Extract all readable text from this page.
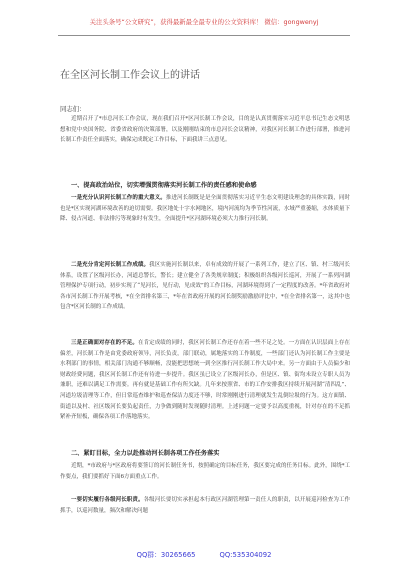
关注头条号“公文研究”，获得最新最全最专业的公文资料库！ 微信：gongwenyj
在全区河长制工作会议上的讲话
同志们：
近期召开了*市总河长工作会议，现在我们召开*区河长制工作会议，目的是认真贯彻落实习近平总书记生态文明思想和党中央国务院、省委省政府的决策部署，以及刚刚结束的市总河长会议精神，对我区河长制工作进行部署，推进河长制工作责任全面落实，确保完成既定工作目标，下面我讲三点意见。
一、提高政治站位，切实增强贯彻落实河长制工作的责任感和使命感
一是充分认识河长制工作的重大意义。推进河长制既是是全面贯彻落实习近平生态文明建设理念的具体实践，同时也是*区实现河湖环境改善的迫切需要。我区地处十字水网地区，境内河流均为季节性河流，水域严重萎缩，水体质量下降、侵占河道、非法排污等现象时有发生，全面提升*区河湖环境必须大力推行河长制。
二是充分肯定河长制工作成绩。我区实施河长制以来，卓有成效的开展了一系列工作，建立了区、镇、村三级河长体系，设置了区级河长办，河道总警长，警长；建立健全了各类规章制度；积极组织各级河长巡河，开展了一系列河湖管理保护专项行动，初步实现了“见河长，见行动，见成效”的工作目标，河湖环境得到了一定程度的改善。*年省政府对各市河长制工作开展考核，*在全省排名第三，*年在省政府开展的河长制奖励激励评比中，*在全省排名第一，这其中也包含*区河长制的工作成绩。
三是正确面对存在的不足。在肯定成绩的同时，我区河长制工作还存在着一些不足之处。一方面在认识层面上存在偏差，河长制工作是由党委政府领导，河长负责，部门联动，属地落实的工作制度，一些部门还认为河长制工作主要是水利部门的事情，相关部门沟通不够顺畅，没能把思想统一到全区推行河长制工作大局中来。另一方面由于人员偏少和财政经费问题，我区河长制工作还有待进一步提升。我区虽已设立了区级河长办，但是区、镇、街均未设立专职人员为兼职，还难以满足工作需要。再有就是基础工作有所欠缺。几年来按照省、市的工作安排我区持续开展河湖“清四乱”、河道垃圾清理等工作，但日常巡查维护和巡查保洁力度还不够，时常刚刚进行清理就发生乱倒垃圾的行为。这方面镇、街道以及村、社区级河长要负起责任，力争做到随时发现随时清理。上述问题一定要予以高度重视，针对存在的不足抓紧补齐短板，确保各项工作落地落实。
二、紧盯目标，全力以赴推动河长制各项工作任务落实
近期，*市政府与*区政府将要签订的河长制任务书，按照确定的目标任务，我区要完成的任务目标。此外，围绕*工作要点，我们要抓好下面6方面重点工作。
一要切实履行各级河长职责。各级河长要切实承担起本行政区河湖管理第一责任人的职责，以开展巡河检查为工作抓手，以巡河数量，频次和解决问题
QQ群：30265665	QQ:535304092
